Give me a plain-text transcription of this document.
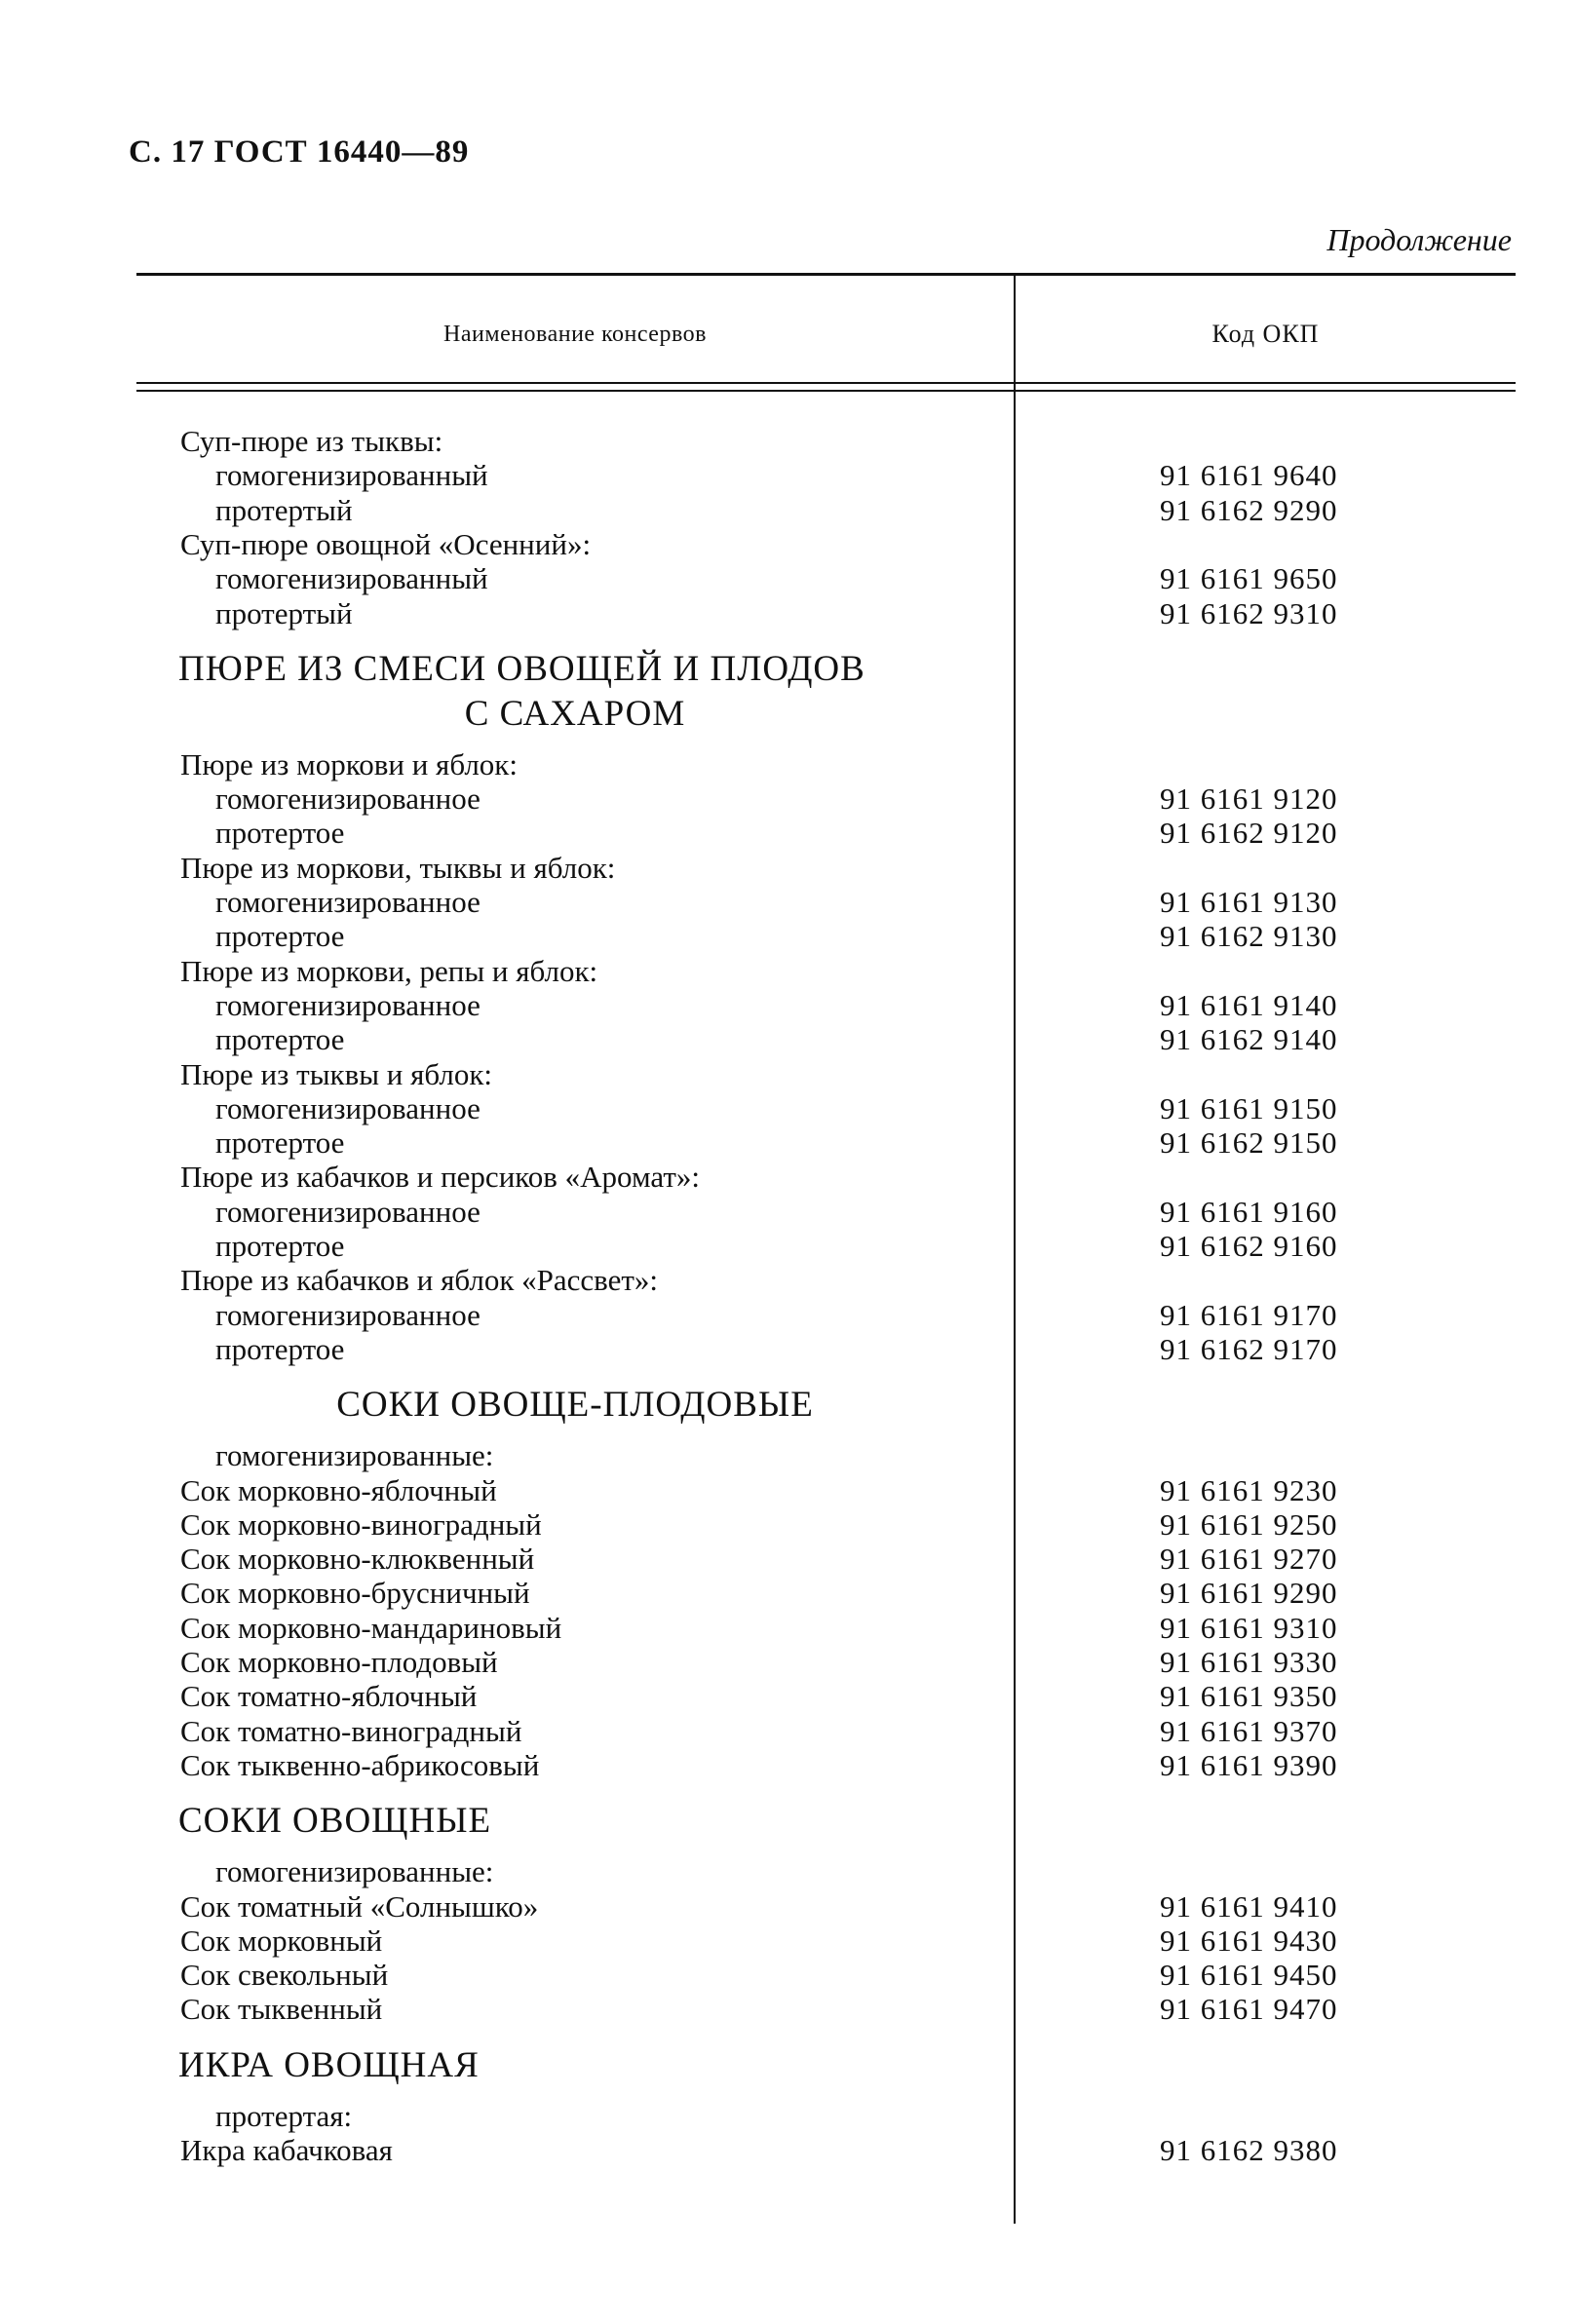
С. 17 ГОСТ 16440—89
Продолжение
Наименование консервов	Код ОКП
Суп-пюре из тыквы:
гомогенизированный	91 6161 9640
протертый	91 6162 9290
Суп-пюре овощной «Осенний»:
гомогенизированный	91 6161 9650
протертый	91 6162 9310
ПЮРЕ ИЗ СМЕСИ ОВОЩЕЙ И ПЛОДОВ
С САХАРОМ
Пюре из моркови и яблок:
гомогенизированное	91 6161 9120
протертое	91 6162 9120
Пюре из моркови, тыквы и яблок:
гомогенизированное	91 6161 9130
протертое	91 6162 9130
Пюре из моркови, репы и яблок:
гомогенизированное	91 6161 9140
протертое	91 6162 9140
Пюре из тыквы и яблок:
гомогенизированное	91 6161 9150
протертое	91 6162 9150
Пюре из кабачков и персиков «Аромат»:
гомогенизированное	91 6161 9160
протертое	91 6162 9160
Пюре из кабачков и яблок «Рассвет»:
гомогенизированное	91 6161 9170
протертое	91 6162 9170
СОКИ ОВОЩЕ-ПЛОДОВЫЕ
гомогенизированные:
Сок морковно-яблочный	91 6161 9230
Сок морковно-виноградный	91 6161 9250
Сок морковно-клюквенный	91 6161 9270
Сок морковно-брусничный	91 6161 9290
Сок морковно-мандариновый	91 6161 9310
Сок морковно-плодовый	91 6161 9330
Сок томатно-яблочный	91 6161 9350
Сок томатно-виноградный	91 6161 9370
Сок тыквенно-абрикосовый	91 6161 9390
СОКИ ОВОЩНЫЕ
гомогенизированные:
Сок томатный «Солнышко»	91 6161 9410
Сок морковный	91 6161 9430
Сок свекольный	91 6161 9450
Сок тыквенный	91 6161 9470
ИКРА ОВОЩНАЯ
протертая:
Икра кабачковая	91 6162 9380
